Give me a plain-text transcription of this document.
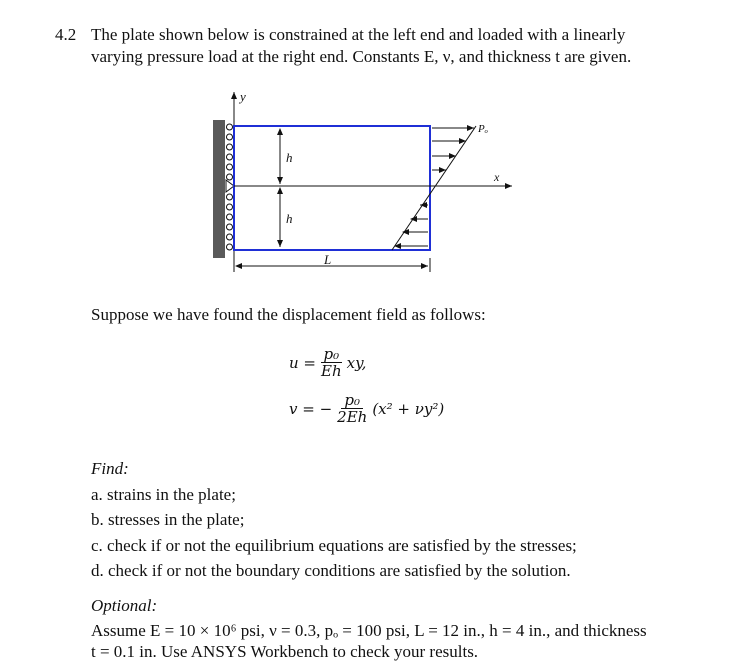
4.2 The plate shown below is constrained at the left end and loaded with a linearly
varying pressure load at the right end. Constants E, ν, and thickness t are given.
y
x
h
h
L
Pₒ
Suppose we have found the displacement field as follows:
$u = \frac{\text{p₀}}{Eh}$ xy,
v = − $\frac{\text{p₀}}{2Eh} (x^2 + \nu y^2)$
Find:
a. strains in the plate;
b. stresses in the plate;
c. check if or not the equilibrium equations are satisfied by the stresses;
d. check if or not the boundary conditions are satisfied by the solution.
Optional:
Assume E = 10 × 10⁶ psi, ν = 0.3, pₒ = 100 psi, L = 12 in., h = 4 in., and thickness
t = 0.1 in. Use ANSYS Workbench to check your results.
